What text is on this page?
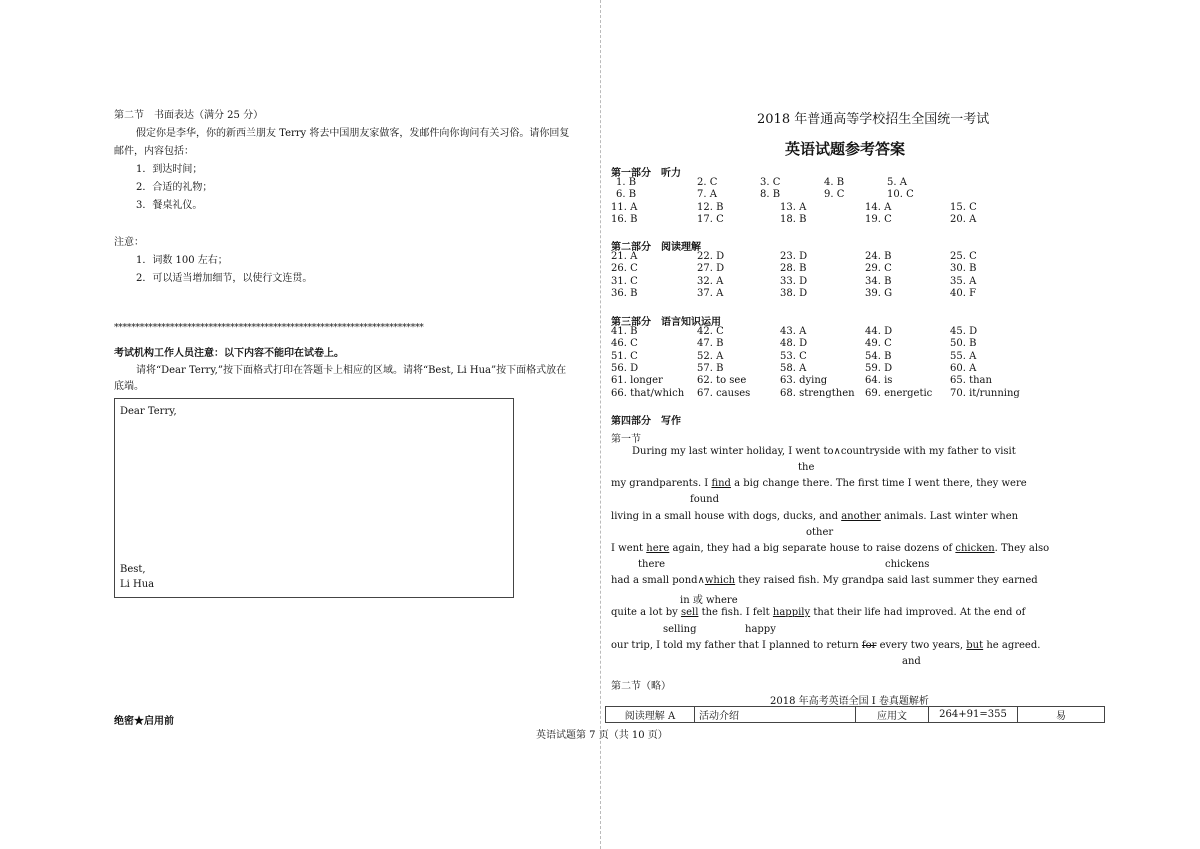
第二节　书面表达（满分 25 分）
假定你是李华，你的新西兰朋友 Terry 将去中国朋友家做客，发邮件向你询问有关习俗。请你回复
邮件，内容包括：
1．到达时间；
2．合适的礼物；
3．餐桌礼仪。
注意：
1．词数 100 左右；
2．可以适当增加细节，以使行文连贯。
************************************************************************
考试机构工作人员注意：以下内容不能印在试卷上。
请将“Dear Terry,”按下面格式打印在答题卡上相应的区域。请将“Best, Li Hua”按下面格式放在
底端。
Dear Terry,
Best,
Li Hua
绝密★启用前
英语试题第 7 页（共 10 页）
2018 年普通高等学校招生全国统一考试
英语试题参考答案
第一部分　听力
1. B	2. C	3. C	4. B	5. A
6. B	7. A	8. B	9. C	10. C
11. A	12. B	13. A	14. A	15. C
16. B	17. C	18. B	19. C	20. A
第二部分　阅读理解
21. A	22. D	23. D	24. B	25. C
26. C	27. D	28. B	29. C	30. B
31. C	32. A	33. D	34. B	35. A
36. B	37. A	38. D	39. G	40. F
第三部分　语言知识运用
41. B	42. C	43. A	44. D	45. D
46. C	47. B	48. D	49. C	50. B
51. C	52. A	53. C	54. B	55. A
56. D	57. B	58. A	59. D	60. A
61. longer	62. to see	63. dying	64. is	65. than
66. that/which 67. causes	68. strengthen 69. energetic 70. it/running
第四部分　写作
第一节
During my last winter holiday, I went to∧countryside with my father to visit
the
my grandparents. I find a big change there. The first time I went there, they were
found
living in a small house with dogs, ducks, and another animals. Last winter when
other
I went here again, they had a big separate house to raise dozens of chicken. They also
there	chickens
had a small pond∧which they raised fish. My grandpa said last summer they earned
in 或 where
quite a lot by sell the fish. I felt happily that their life had improved. At the end of
selling	happy
our trip, I told my father that I planned to return for every two years, but he agreed.
and
第二节（略）
2018 年高考英语全国 I 卷真题解析
阅读理解 A	活动介绍	应用文	264+91=355	易
